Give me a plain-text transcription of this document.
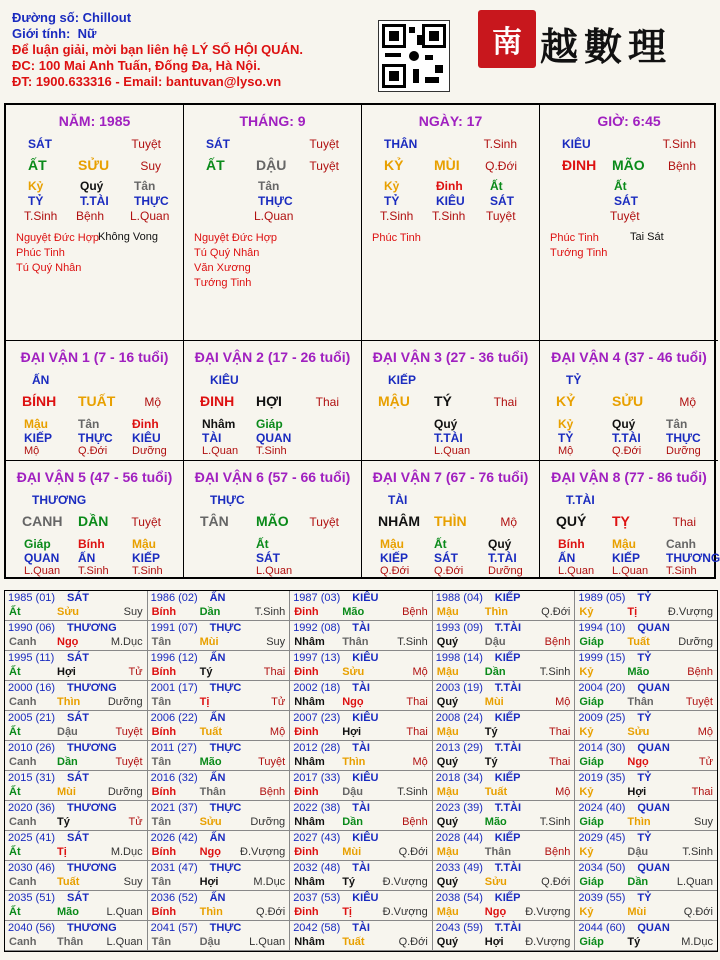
Đường số: Chillout
Giới tính: Nữ
Để luận giải, mời bạn liên hệ LÝ SỐ HỘI QUÁN.
ĐC: 100 Mai Anh Tuấn, Đống Đa, Hà Nội.
ĐT: 1900.633316 - Email: bantuvan@lyso.vn
南 越數理
NĂM: 1985
SÁT	Tuyệt
ẤT SỬU	Suy
Kỷ
TỶ
T.Sinh
Quý
T.TÀI
Bệnh
Tân
THỰC
L.Quan
Nguyệt Đức Hợp
Phúc Tinh
Tú Quý Nhân
Không Vong
THÁNG: 9
SÁT	Tuyệt
ẤT DẬU Tuyệt
Tân
THỰC
L.Quan
Nguyệt Đức Hợp
Tú Quý Nhân
Văn Xương
Tướng Tinh
NGÀY: 17
THÂN	T.Sinh
KỶ MÙI Q.Đới
Kỷ
TỶ
T.Sinh
Đinh
KIÊU
T.Sinh
Ất
SÁT
Tuyệt
Phúc Tinh
GIỜ: 6:45
KIÊU	T.Sinh
ĐINH MÃO Bệnh
Ất
SÁT
Tuyệt
Phúc Tinh
Tướng Tinh
Tai Sát
ĐẠI VẬN 1 (7 - 16 tuổi)
ẤN
BÍNH TUẤT Mộ
Mậu
KIẾP
Mộ
Tân
THỰC
Q.Đới
Đinh
KIÊU
Dưỡng
ĐẠI VẬN 2 (17 - 26 tuổi)
KIÊU
ĐINH HỢI	Thai
Nhâm
TÀI
L.Quan
Giáp
QUAN
T.Sinh
ĐẠI VẬN 3 (27 - 36 tuổi)
KIẾP
MẬU TÝ	Thai
Quý
T.TÀI
L.Quan
ĐẠI VẬN 4 (37 - 46 tuổi)
TỶ
KỶ	SỬU	Mộ
Kỷ
TỶ
Mộ
Quý
T.TÀI
Q.Đới
Tân
THỰC
Dưỡng
ĐẠI VẬN 5 (47 - 56 tuổi)
THƯƠNG
CANH DẦN Tuyệt
Giáp
QUAN
L.Quan
Bính
ẤN
T.Sinh
Mậu
KIẾP
T.Sinh
ĐẠI VẬN 6 (57 - 66 tuổi)
THỰC
TÂN MÃO Tuyệt
Ất
SÁT
L.Quan
ĐẠI VẬN 7 (67 - 76 tuổi)
TÀI
NHÂM THÌN	Mộ
Mậu
KIẾP
Q.Đới
Ất
SÁT
Q.Đới
Quý
T.TÀI
Dưỡng
ĐẠI VẬN 8 (77 - 86 tuổi)
T.TÀI
QUÝ TỴ	Thai
Bính
ẤN
L.Quan
Mậu
KIẾP
L.Quan
Canh
THƯƠNG
T.Sinh
1985 (01) SÁT
Ất	Sửu	Suy
1986 (02) ẤN
Bính Dần	T.Sinh
1987 (03) KIÊU
Đinh Mão	Bệnh
1988 (04) KIẾP
Mậu Thìn	Q.Đới
1989 (05) TỶ
Kỷ	Tị	Đ.Vượng
1990 (06) THƯƠNG
Canh Ngọ	M.Dục
1991 (07) THỰC
Tân	Mùi	Suy
1992 (08) TÀI
Nhâm Thân	T.Sinh
1993 (09) T.TÀI
Quý Dậu	Bệnh
1994 (10) QUAN
Giáp Tuất	Dưỡng
1995 (11) SÁT
Ất	Hợi	Tử
1996 (12) ẤN
Bính Tý	Thai
1997 (13) KIÊU
Đinh Sửu	Mộ
1998 (14) KIẾP
Mậu Dần	T.Sinh
1999 (15) TỶ
Kỷ	Mão	Bệnh
2000 (16) THƯƠNG
Canh Thìn	Dưỡng
2001 (17) THỰC
Tân	Tị	Tử
2002 (18) TÀI
Nhâm Ngọ	Thai
2003 (19) T.TÀI
Quý Mùi	Mộ
2004 (20) QUAN
Giáp Thân	Tuyệt
2005 (21) SÁT
Ất	Dậu	Tuyệt
2006 (22) ẤN
Bính Tuất	Mộ
2007 (23) KIÊU
Đinh Hợi	Thai
2008 (24) KIẾP
Mậu Tý	Thai
2009 (25) TỶ
Kỷ	Sửu	Mộ
2010 (26) THƯƠNG
Canh Dần	Tuyệt
2011 (27) THỰC
Tân	Mão	Tuyệt
2012 (28) TÀI
Nhâm Thìn	Mộ
2013 (29) T.TÀI
Quý Tý	Thai
2014 (30) QUAN
Giáp Ngọ	Tử
2015 (31) SÁT
Ất	Mùi	Dưỡng
2016 (32) ẤN
Bính Thân	Bệnh
2017 (33) KIÊU
Đinh Dậu	T.Sinh
2018 (34) KIẾP
Mậu Tuất	Mộ
2019 (35) TỶ
Kỷ	Hợi	Thai
2020 (36) THƯƠNG
Canh Tý	Tử
2021 (37) THỰC
Tân	Sửu	Dưỡng
2022 (38) TÀI
Nhâm Dần	Bệnh
2023 (39) T.TÀI
Quý Mão	T.Sinh
2024 (40) QUAN
Giáp Thìn	Suy
2025 (41) SÁT
Ất	Tị	M.Dục
2026 (42) ẤN
Bính Ngọ Đ.Vượng
2027 (43) KIÊU
Đinh Mùi	Q.Đới
2028 (44) KIẾP
Mậu Thân	Bệnh
2029 (45) TỶ
Kỷ	Dậu	T.Sinh
2030 (46) THƯƠNG
Canh Tuất	Suy
2031 (47) THỰC
Tân	Hợi	M.Dục
2032 (48) TÀI
Nhâm Tý	Đ.Vượng
2033 (49) T.TÀI
Quý Sửu	Q.Đới
2034 (50) QUAN
Giáp Dần	L.Quan
2035 (51) SÁT
Ất	Mão	L.Quan
2036 (52) ẤN
Bính Thìn	Q.Đới
2037 (53) KIÊU
Đinh Tị	Đ.Vượng
2038 (54) KIẾP
Mậu Ngọ Đ.Vượng
2039 (55) TỶ
Kỷ	Mùi	Q.Đới
2040 (56) THƯƠNG
Canh Thân L.Quan
2041 (57) THỰC
Tân	Dậu	L.Quan
2042 (58) TÀI
Nhâm Tuất	Q.Đới
2043 (59) T.TÀI
Quý Hợi Đ.Vượng
2044 (60) QUAN
Giáp Tý	M.Dục
